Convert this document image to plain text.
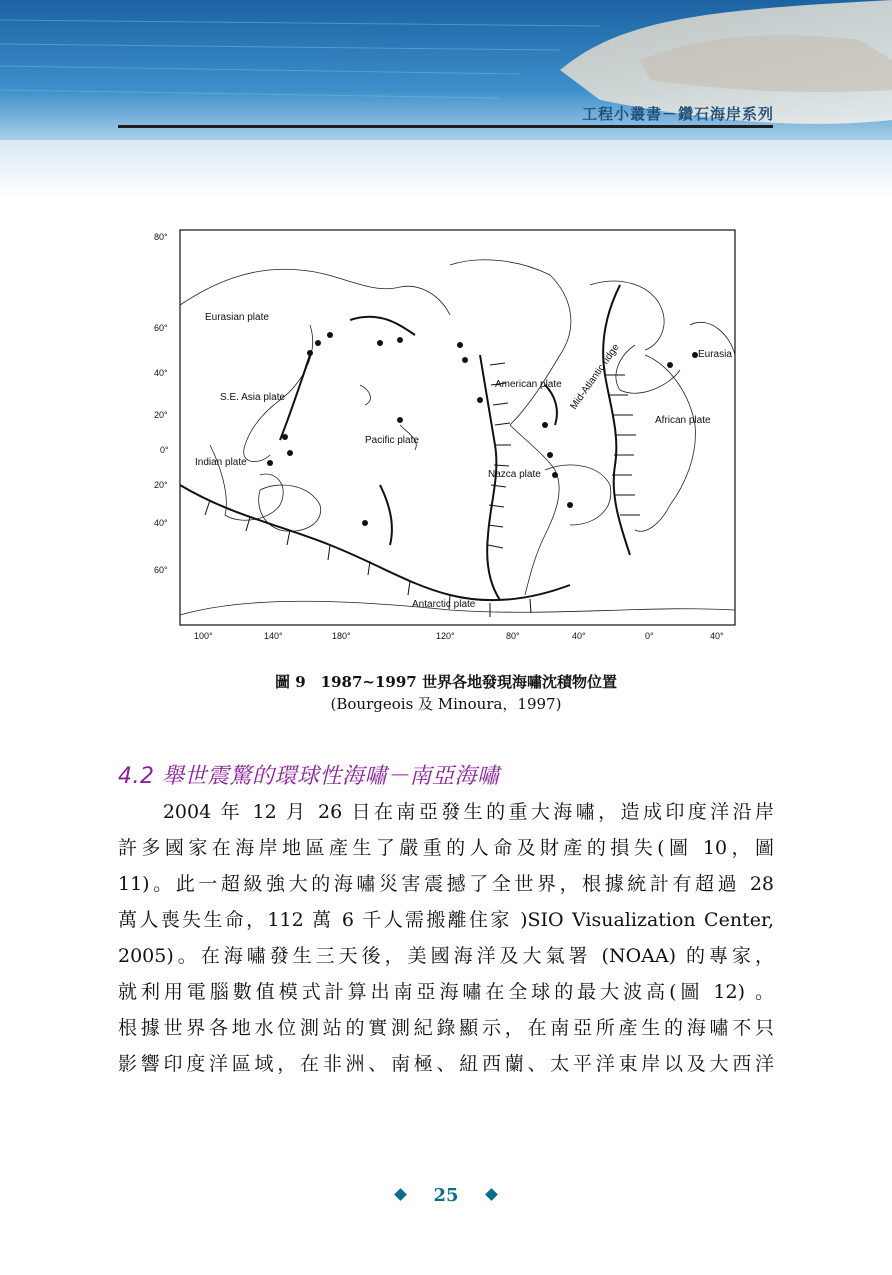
工程小叢書－鑽石海岸系列
Eurasian plate
Eurasia
S.E. Asia plate
Indian plate
Pacific plate
American plate
African plate
Nazca plate
Antarctic plate
Mid-Atlantic ridge
80°
60°
40°
20°
0°
20°
40°
60°
100°	140°	180°	120°	80°	40°	0°	40°
圖 9　1987~1997 世界各地發現海嘯沈積物位置
(Bourgeois 及 Minoura，1997)
4.2 舉世震驚的環球性海嘯－南亞海嘯
　　2004 年 12 月 26 日在南亞發生的重大海嘯，造成印度洋沿岸
許多國家在海岸地區產生了嚴重的人命及財產的損失(圖 10，圖
11)。此一超級強大的海嘯災害震撼了全世界，根據統計有超過 28
萬人喪失生命，112 萬 6 千人需搬離住家 )SIO Visualization Center,
2005)。在海嘯發生三天後，美國海洋及大氣署 (NOAA) 的專家，
就利用電腦數值模式計算出南亞海嘯在全球的最大波高(圖 12) 。
根據世界各地水位測站的實測紀錄顯示，在南亞所產生的海嘯不只
影響印度洋區域，在非洲、南極、紐西蘭、太平洋東岸以及大西洋
25
